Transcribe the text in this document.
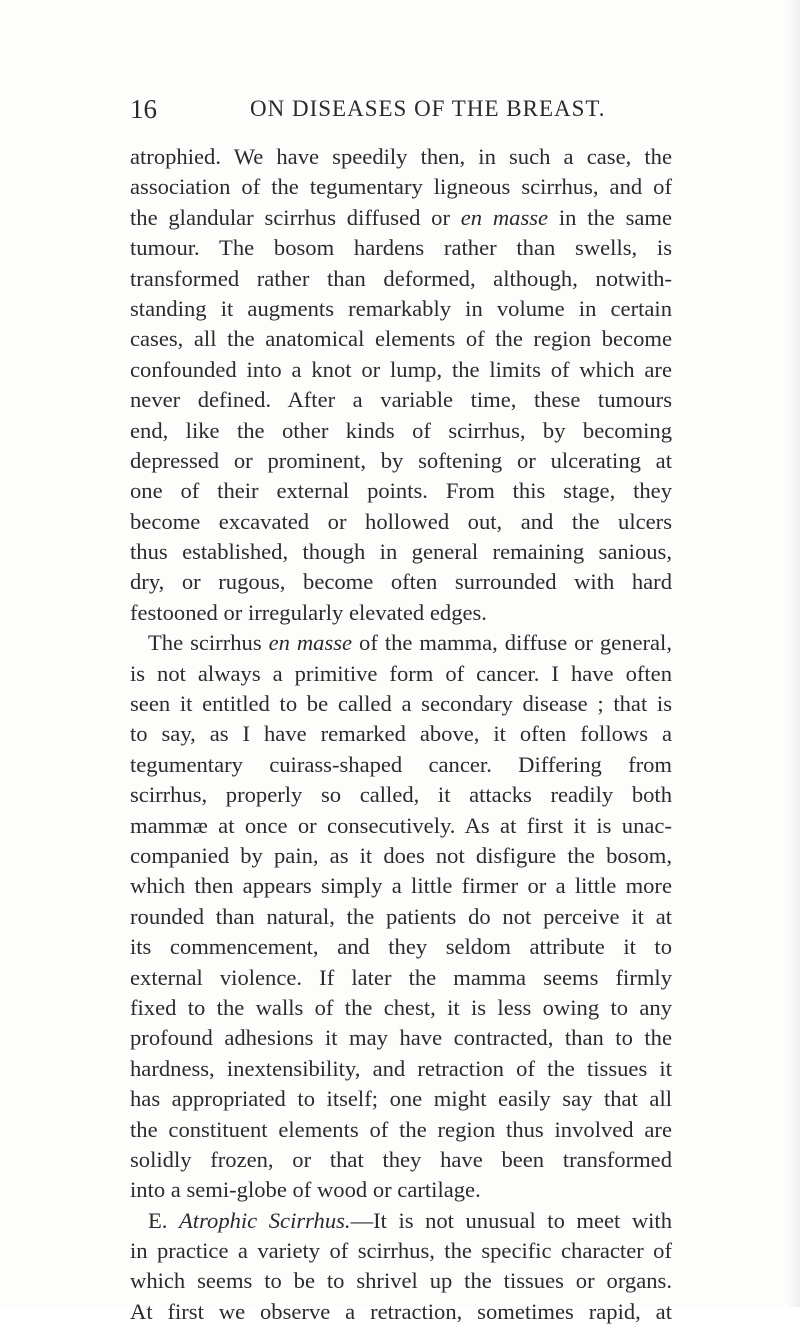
16	ON DISEASES OF THE BREAST.
atrophied. We have speedily then, in such a case, the
association of the tegumentary ligneous scirrhus, and of
the glandular scirrhus diffused or en masse in the same
tumour. The bosom hardens rather than swells, is
transformed rather than deformed, although, notwith-
standing it augments remarkably in volume in certain
cases, all the anatomical elements of the region become
confounded into a knot or lump, the limits of which are
never defined. After a variable time, these tumours
end, like the other kinds of scirrhus, by becoming
depressed or prominent, by softening or ulcerating at
one of their external points. From this stage, they
become excavated or hollowed out, and the ulcers
thus established, though in general remaining sanious,
dry, or rugous, become often surrounded with hard
festooned or irregularly elevated edges.
The scirrhus en masse of the mamma, diffuse or general,
is not always a primitive form of cancer. I have often
seen it entitled to be called a secondary disease ; that is
to say, as I have remarked above, it often follows a
tegumentary cuirass-shaped cancer. Differing from
scirrhus, properly so called, it attacks readily both
mammæ at once or consecutively. As at first it is unac-
companied by pain, as it does not disfigure the bosom,
which then appears simply a little firmer or a little more
rounded than natural, the patients do not perceive it at
its commencement, and they seldom attribute it to
external violence. If later the mamma seems firmly
fixed to the walls of the chest, it is less owing to any
profound adhesions it may have contracted, than to the
hardness, inextensibility, and retraction of the tissues it
has appropriated to itself; one might easily say that all
the constituent elements of the region thus involved are
solidly frozen, or that they have been transformed
into a semi-globe of wood or cartilage.
E. Atrophic Scirrhus.—It is not unusual to meet with
in practice a variety of scirrhus, the specific character of
which seems to be to shrivel up the tissues or organs.
At first we observe a retraction, sometimes rapid, at
